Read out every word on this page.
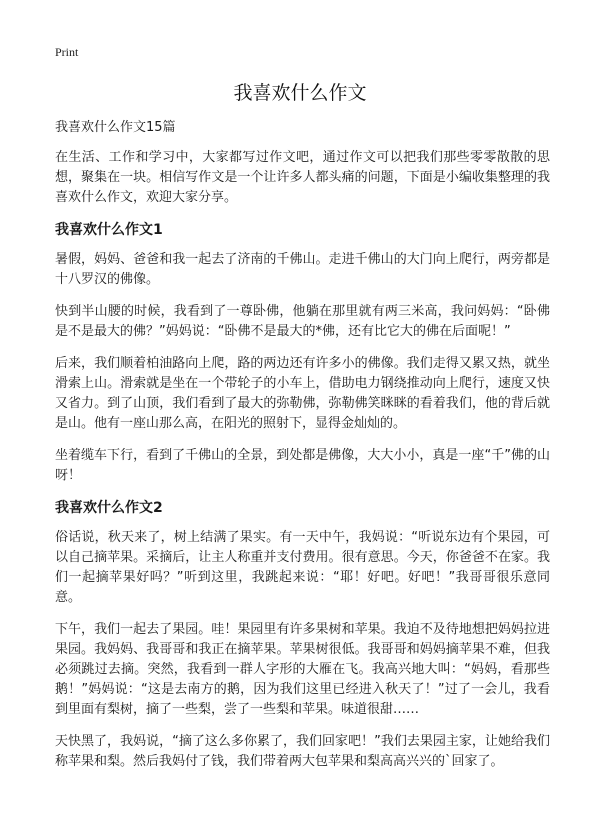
Print
我喜欢什么作文
我喜欢什么作文15篇

在生活、工作和学习中，大家都写过作文吧，通过作文可以把我们那些零零散散的思想，聚集在一块。相信写作文是一个让许多人都头痛的问题，下面是小编收集整理的我喜欢什么作文，欢迎大家分享。

我喜欢什么作文1

暑假，妈妈、爸爸和我一起去了济南的千佛山。走进千佛山的大门向上爬行，两旁都是十八罗汉的佛像。

快到半山腰的时候，我看到了一尊卧佛，他躺在那里就有两三米高，我问妈妈：“卧佛是不是最大的佛？”妈妈说：“卧佛不是最大的*佛，还有比它大的佛在后面呢！”

后来，我们顺着柏油路向上爬，路的两边还有许多小的佛像。我们走得又累又热，就坐滑索上山。滑索就是坐在一个带轮子的小车上，借助电力钢绕推动向上爬行，速度又快又省力。到了山顶，我们看到了最大的弥勒佛，弥勒佛笑眯眯的看着我们，他的背后就是山。他有一座山那么高，在阳光的照射下，显得金灿灿的。

坐着缆车下行，看到了千佛山的全景，到处都是佛像，大大小小，真是一座“千”佛的山呀！

我喜欢什么作文2

俗话说，秋天来了，树上结满了果实。有一天中午，我妈说：“听说东边有个果园，可以自己摘苹果。采摘后，让主人称重并支付费用。很有意思。今天，你爸爸不在家。我们一起摘苹果好吗？”听到这里，我跳起来说：“耶！好吧。好吧！”我哥哥很乐意同意。

下午，我们一起去了果园。哇！果园里有许多果树和苹果。我迫不及待地想把妈妈拉进果园。我妈妈、我哥哥和我正在摘苹果。苹果树很低。我哥哥和妈妈摘苹果不难，但我必须跳过去摘。突然，我看到一群人字形的大雁在飞。我高兴地大叫：“妈妈，看那些鹅！”妈妈说：“这是去南方的鹅，因为我们这里已经进入秋天了！”过了一会儿，我看到里面有梨树，摘了一些梨，尝了一些梨和苹果。味道很甜……

天快黑了，我妈说，“摘了这么多你累了，我们回家吧！”我们去果园主家，让她给我们称苹果和梨。然后我妈付了钱，我们带着两大包苹果和梨高高兴兴的`回家了。
